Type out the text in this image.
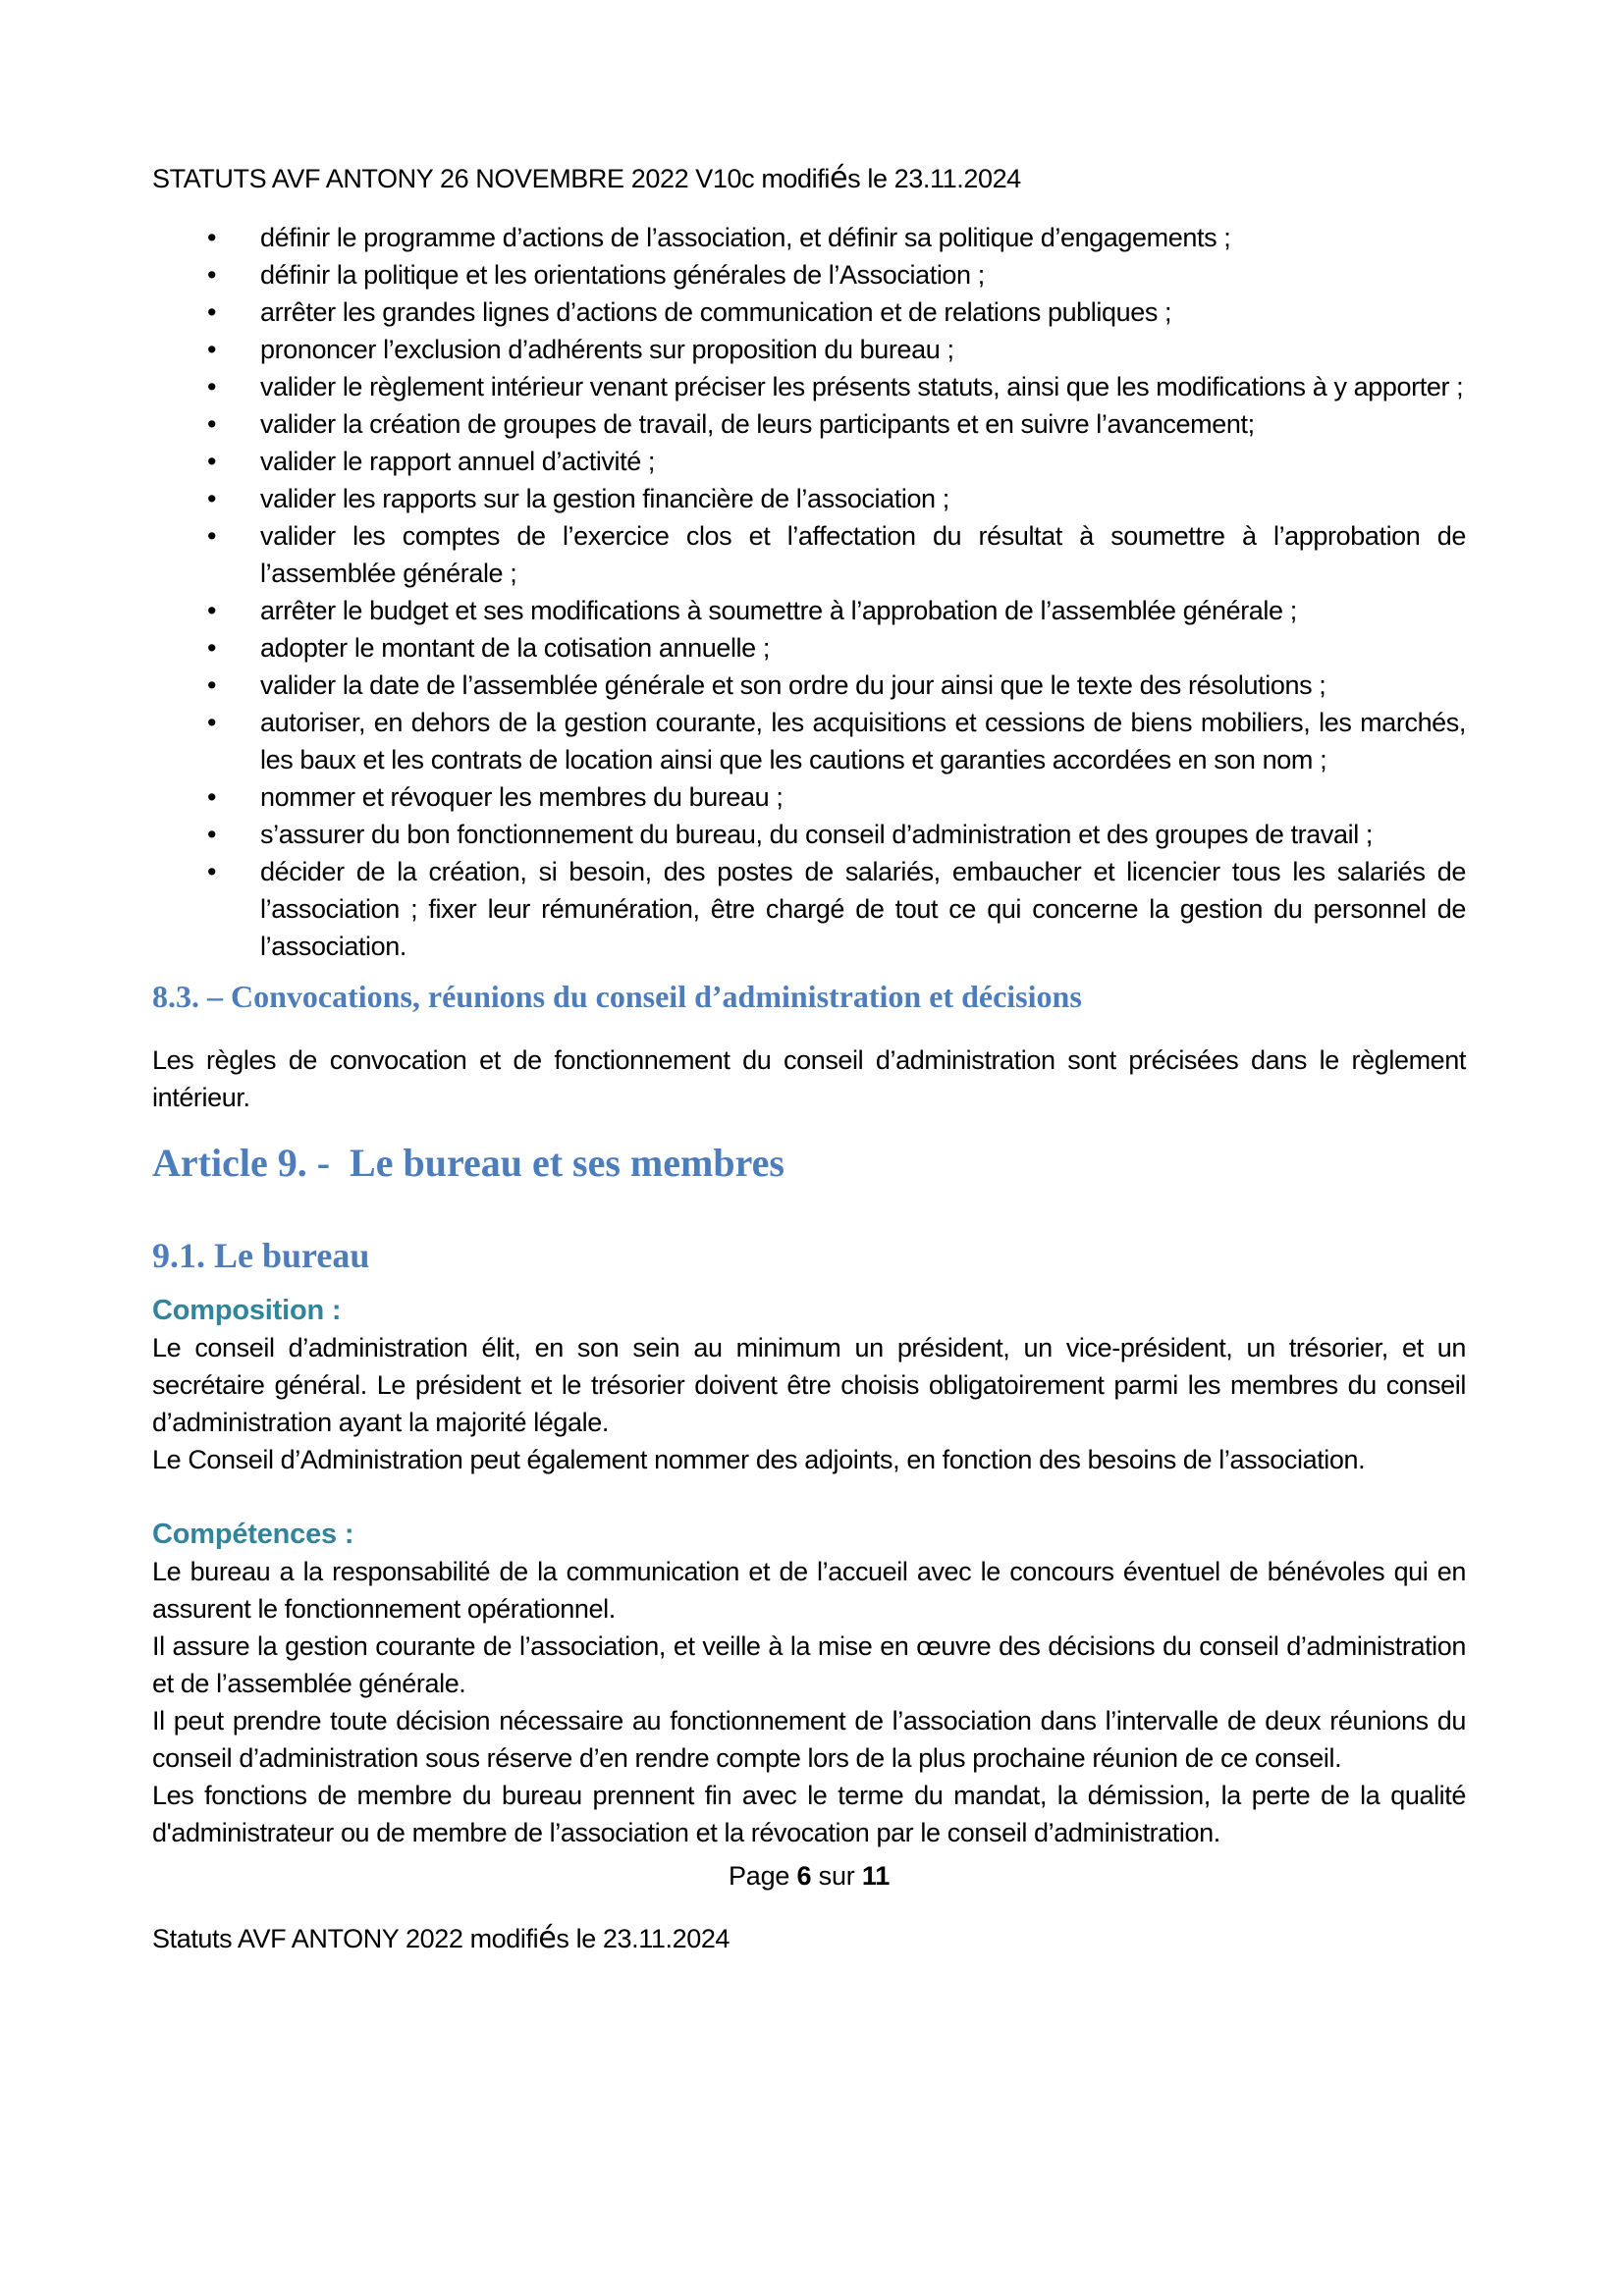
STATUTS AVF ANTONY 26 NOVEMBRE 2022 V10c modifiés le 23.11.2024
• définir le programme d’actions de l’association, et définir sa politique d’engagements ;
• définir la politique et les orientations générales de l’Association ;
• arrêter les grandes lignes d’actions de communication et de relations publiques ;
• prononcer l’exclusion d’adhérents sur proposition du bureau ;
• valider le règlement intérieur venant préciser les présents statuts, ainsi que les modifications à y apporter ;
• valider la création de groupes de travail, de leurs participants et en suivre l’avancement;
• valider le rapport annuel d’activité ;
• valider les rapports sur la gestion financière de l’association ;
• valider les comptes de l’exercice clos et l’affectation du résultat à soumettre à l’approbation de l’assemblée générale ;
• arrêter le budget et ses modifications à soumettre à l’approbation de l’assemblée générale ;
• adopter le montant de la cotisation annuelle ;
• valider la date de l’assemblée générale et son ordre du jour ainsi que le texte des résolutions ;
• autoriser, en dehors de la gestion courante, les acquisitions et cessions de biens mobiliers, les marchés, les baux et les contrats de location ainsi que les cautions et garanties accordées en son nom ;
• nommer et révoquer les membres du bureau ;
• s’assurer du bon fonctionnement du bureau, du conseil d’administration et des groupes de travail ;
• décider de la création, si besoin, des postes de salariés, embaucher et licencier tous les salariés de l’association ; fixer leur rémunération, être chargé de tout ce qui concerne la gestion du personnel de l’association.
8.3. – Convocations, réunions du conseil d’administration et décisions

Les règles de convocation et de fonctionnement du conseil d’administration sont précisées dans le règlement intérieur.

Article 9. -  Le bureau et ses membres
9.1. Le bureau
Composition :

Le conseil d’administration élit, en son sein au minimum un président, un vice-président, un trésorier, et un secrétaire général. Le président et le trésorier doivent être choisis obligatoirement parmi les membres du conseil d’administration ayant la majorité légale.

Le Conseil d’Administration peut également nommer des adjoints, en fonction des besoins de l’association.

Compétences :

Le bureau a la responsabilité de la communication et de l’accueil avec le concours éventuel de bénévoles qui en assurent le fonctionnement opérationnel.

Il assure la gestion courante de l’association, et veille à la mise en œuvre des décisions du conseil d’administration et de l’assemblée générale.

Il peut prendre toute décision nécessaire au fonctionnement de l’association dans l’intervalle de deux réunions du conseil d’administration sous réserve d’en rendre compte lors de la plus prochaine réunion de ce conseil.

Les fonctions de membre du bureau prennent fin avec le terme du mandat, la démission, la perte de la qualité d'administrateur ou de membre de l’association et la révocation par le conseil d’administration.

Page 6 sur 11
Statuts AVF ANTONY 2022 modifiés le 23.11.2024
